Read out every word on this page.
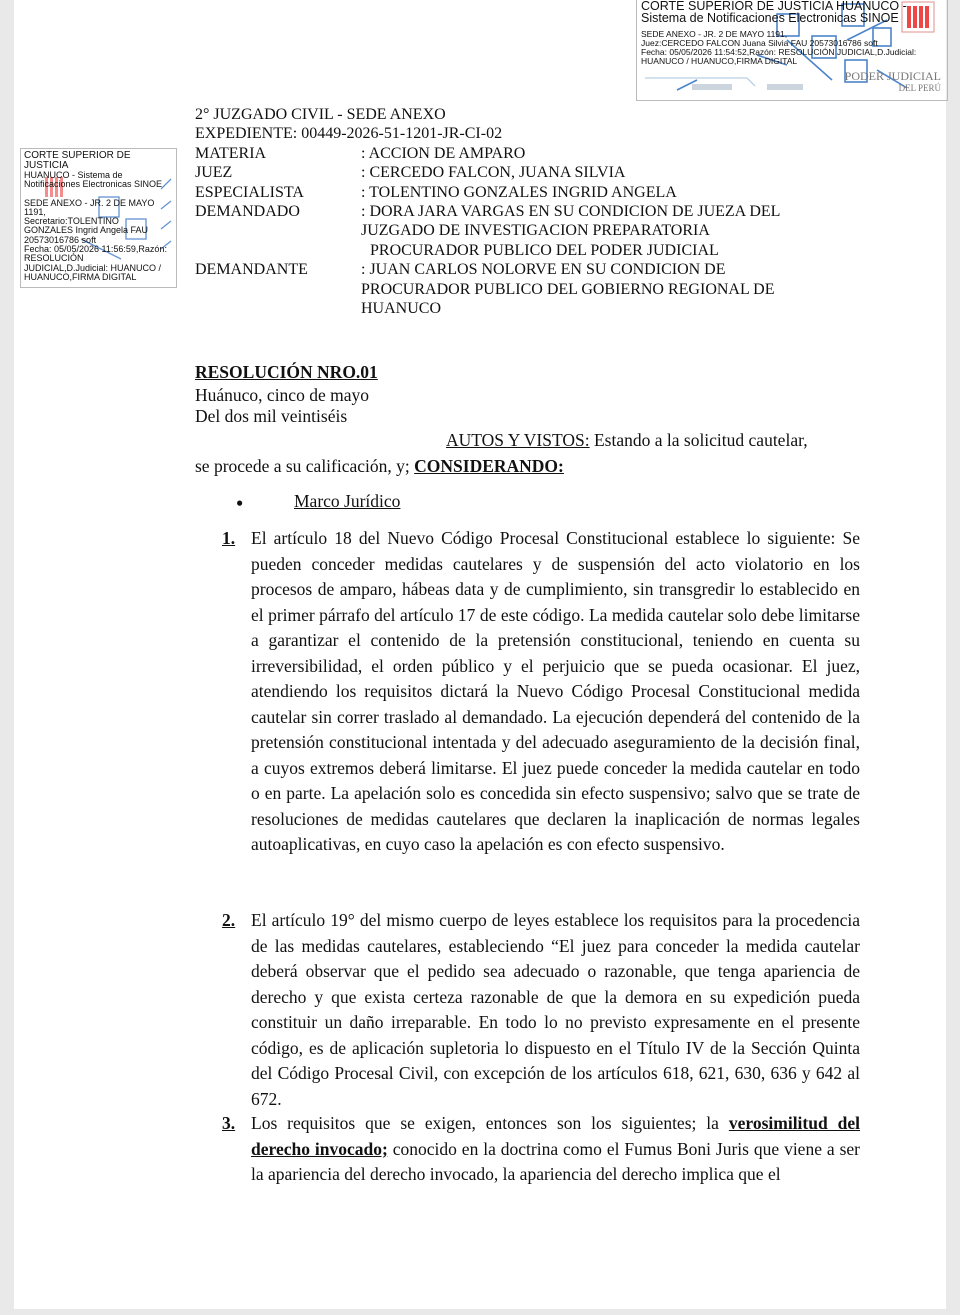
CORTE SUPERIOR DE JUSTICIA HUANUCO -
Sistema de Notificaciones Electronicas SINOE
SEDE ANEXO - JR. 2 DE MAYO 1191,
Juez:CERCEDO FALCON Juana Silvia FAU 20573016786 soft
Fecha: 05/05/2026 11:54:52,Razón: RESOLUCIÓN JUDICIAL,D.Judicial:
HUANUCO / HUANUCO,FIRMA DIGITAL
PODER JUDICIAL
DEL PERÚ
CORTE SUPERIOR DE JUSTICIA
HUANUCO - Sistema de
Notificaciones Electronicas SINOE
SEDE ANEXO - JR. 2 DE MAYO
1191,
Secretario:TOLENTINO
GONZALES Ingrid Angela FAU
20573016786 soft
Fecha: 05/05/2026 11:56:59,Razón:
RESOLUCIÓN
JUDICIAL,D.Judicial: HUANUCO /
HUANUCO,FIRMA DIGITAL
2° JUZGADO CIVIL - SEDE ANEXO
EXPEDIENTE: 00449-2026-51-1201-JR-CI-02
MATERIA	: ACCION DE AMPARO
JUEZ	: CERCEDO FALCON, JUANA SILVIA
ESPECIALISTA	: TOLENTINO GONZALES INGRID ANGELA
DEMANDADO	: DORA JARA VARGAS EN SU CONDICION DE JUEZA DEL
JUZGADO DE INVESTIGACION PREPARATORIA
PROCURADOR PUBLICO DEL PODER JUDICIAL
DEMANDANTE	: JUAN CARLOS NOLORVE EN SU CONDICION DE
PROCURADOR PUBLICO DEL GOBIERNO REGIONAL DE
HUANUCO
RESOLUCIÓN NRO.01
Huánuco, cinco de mayo
Del dos mil veintiséis
AUTOS Y VISTOS: Estando a la solicitud cautelar,
se procede a su calificación, y; CONSIDERANDO:
●	Marco Jurídico
1. El artículo 18 del Nuevo Código Procesal Constitucional establece lo siguiente: Se pueden conceder medidas cautelares y de suspensión del acto violatorio en los procesos de amparo, hábeas data y de cumplimiento, sin transgredir lo establecido en el primer párrafo del artículo 17 de este código. La medida cautelar solo debe limitarse a garantizar el contenido de la pretensión constitucional, teniendo en cuenta su irreversibilidad, el orden público y el perjuicio que se pueda ocasionar. El juez, atendiendo los requisitos dictará la Nuevo Código Procesal Constitucional medida cautelar sin correr traslado al demandado. La ejecución dependerá del contenido de la pretensión constitucional intentada y del adecuado aseguramiento de la decisión final, a cuyos extremos deberá limitarse. El juez puede conceder la medida cautelar en todo o en parte. La apelación solo es concedida sin efecto suspensivo; salvo que se trate de resoluciones de medidas cautelares que declaren la inaplicación de normas legales autoaplicativas, en cuyo caso la apelación es con efecto suspensivo.
2. El artículo 19° del mismo cuerpo de leyes establece los requisitos para la procedencia de las medidas cautelares, estableciendo “El juez para conceder la medida cautelar deberá observar que el pedido sea adecuado o razonable, que tenga apariencia de derecho y que exista certeza razonable de que la demora en su expedición pueda constituir un daño irreparable. En todo lo no previsto expresamente en el presente código, es de aplicación supletoria lo dispuesto en el Título IV de la Sección Quinta del Código Procesal Civil, con excepción de los artículos 618, 621, 630, 636 y 642 al 672.
3. Los requisitos que se exigen, entonces son los siguientes; la verosimilitud del derecho invocado; conocido en la doctrina como el Fumus Boni Juris que viene a ser la apariencia del derecho invocado, la apariencia del derecho implica que el
